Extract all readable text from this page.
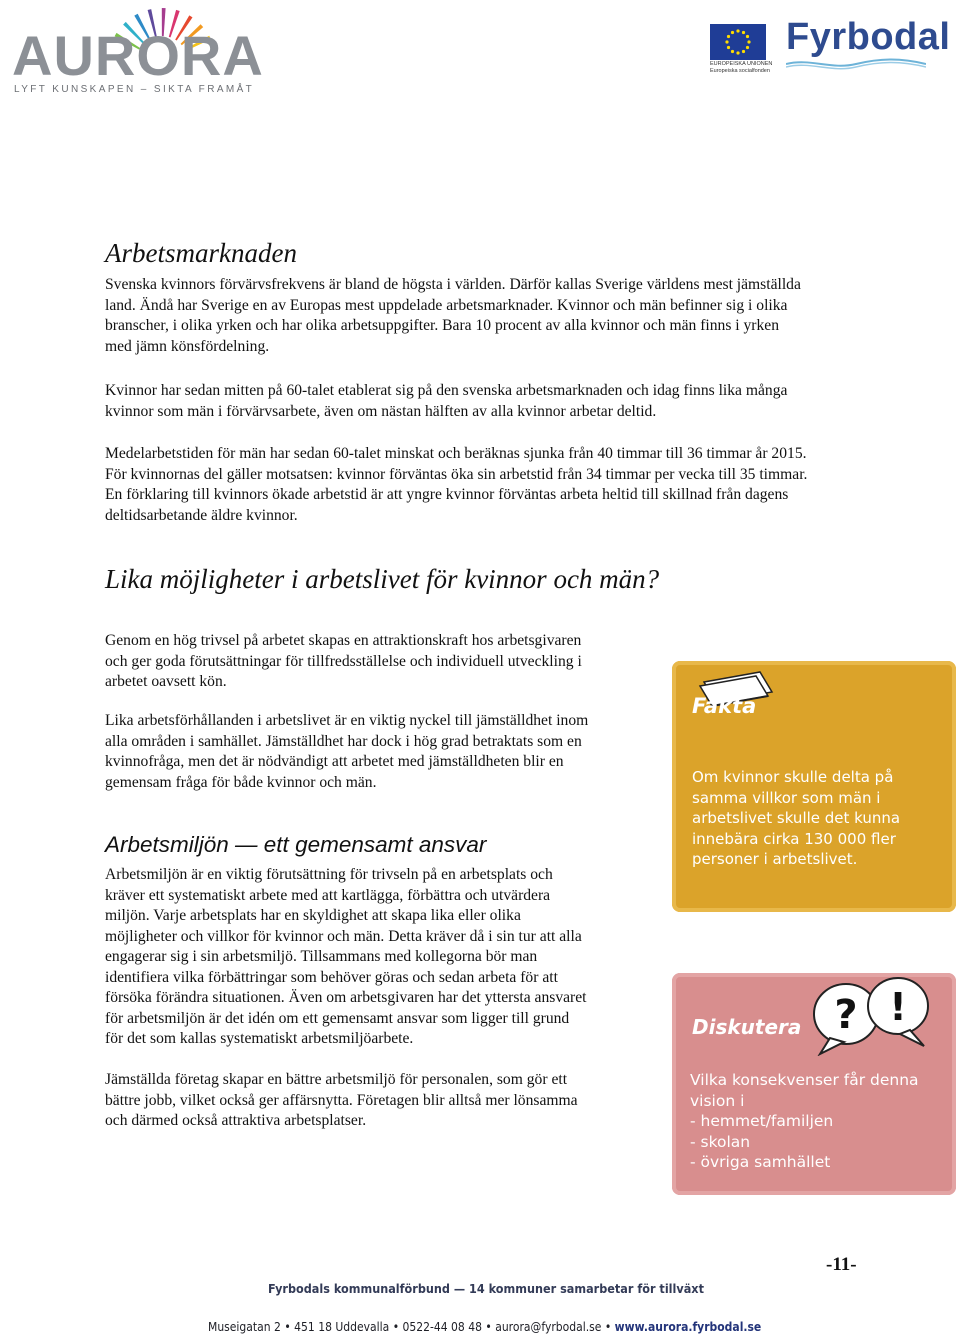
AURORA
LYFT KUNSKAPEN – SIKTA FRAMÅT
EUROPEISKA UNIONEN
Europeiska socialfonden
Fyrbodal
Arbetsmarknaden

Svenska kvinnors förvärvsfrekvens är bland de högsta i världen. Därför kallas Sverige världens mest jämställda

land. Ändå har Sverige en av Europas mest uppdelade arbetsmarknader. Kvinnor och män befinner sig i olika

branscher, i olika yrken och har olika arbetsuppgifter. Bara 10 procent av alla kvinnor och män finns i yrken

med jämn könsfördelning.

Kvinnor har sedan mitten på 60-talet etablerat sig på den svenska arbetsmarknaden och idag finns lika många

kvinnor som män i förvärvsarbete, även om nästan hälften av alla kvinnor arbetar deltid.

Medelarbetstiden för män har sedan 60-talet minskat och beräknas sjunka från 40 timmar till 36 timmar år 2015.

För kvinnornas del gäller motsatsen: kvinnor förväntas öka sin arbetstid från 34 timmar per vecka till 35 timmar.

En förklaring till kvinnors ökade arbetstid är att yngre kvinnor förväntas arbeta heltid till skillnad från dagens

deltidsarbetande äldre kvinnor.

Lika möjligheter i arbetslivet för kvinnor och män?

Genom en hög trivsel på arbetet skapas en attraktionskraft hos arbetsgivaren

och ger goda förutsättningar för tillfredsställelse och individuell utveckling i

arbetet oavsett kön.

Lika arbetsförhållanden i arbetslivet är en viktig nyckel till jämställdhet inom

alla områden i samhället. Jämställdhet har dock i hög grad betraktats som en

kvinnofråga, men det är nödvändigt att arbetet med jämställdheten blir en

gemensam fråga för både kvinnor och män.

Arbetsmiljön — ett gemensamt ansvar

Arbetsmiljön är en viktig förutsättning för trivseln på en arbetsplats och

kräver ett systematiskt arbete med att kartlägga, förbättra och utvärdera

miljön. Varje arbetsplats har en skyldighet att skapa lika eller olika

möjligheter och villkor för kvinnor och män. Detta kräver då i sin tur att alla

engagerar sig i sin arbetsmiljö. Tillsammans med kollegorna bör man

identifiera vilka förbättringar som behöver göras och sedan arbeta för att

försöka förändra situationen. Även om arbetsgivaren har det yttersta ansvaret

för arbetsmiljön är det idén om ett gemensamt ansvar som ligger till grund

för det som kallas systematiskt arbetsmiljöarbete.

Jämställda företag skapar en bättre arbetsmiljö för personalen, som gör ett

bättre jobb, vilket också ger affärsnytta. Företagen blir alltså mer lönsamma

och därmed också attraktiva arbetsplatser.

Fakta

Om kvinnor skulle delta på

samma villkor som män i

arbetslivet skulle det kunna

innebära cirka 130 000 fler

personer i arbetslivet.

? !
Diskutera

Vilka konsekvenser får denna

vision i

- hemmet/familjen

- skolan

- övriga samhället

-11-
Fyrbodals kommunalförbund — 14 kommuner samarbetar för tillväxt
Museigatan 2 • 451 18 Uddevalla • 0522-44 08 48 • aurora@fyrbodal.se • www.aurora.fyrbodal.se
